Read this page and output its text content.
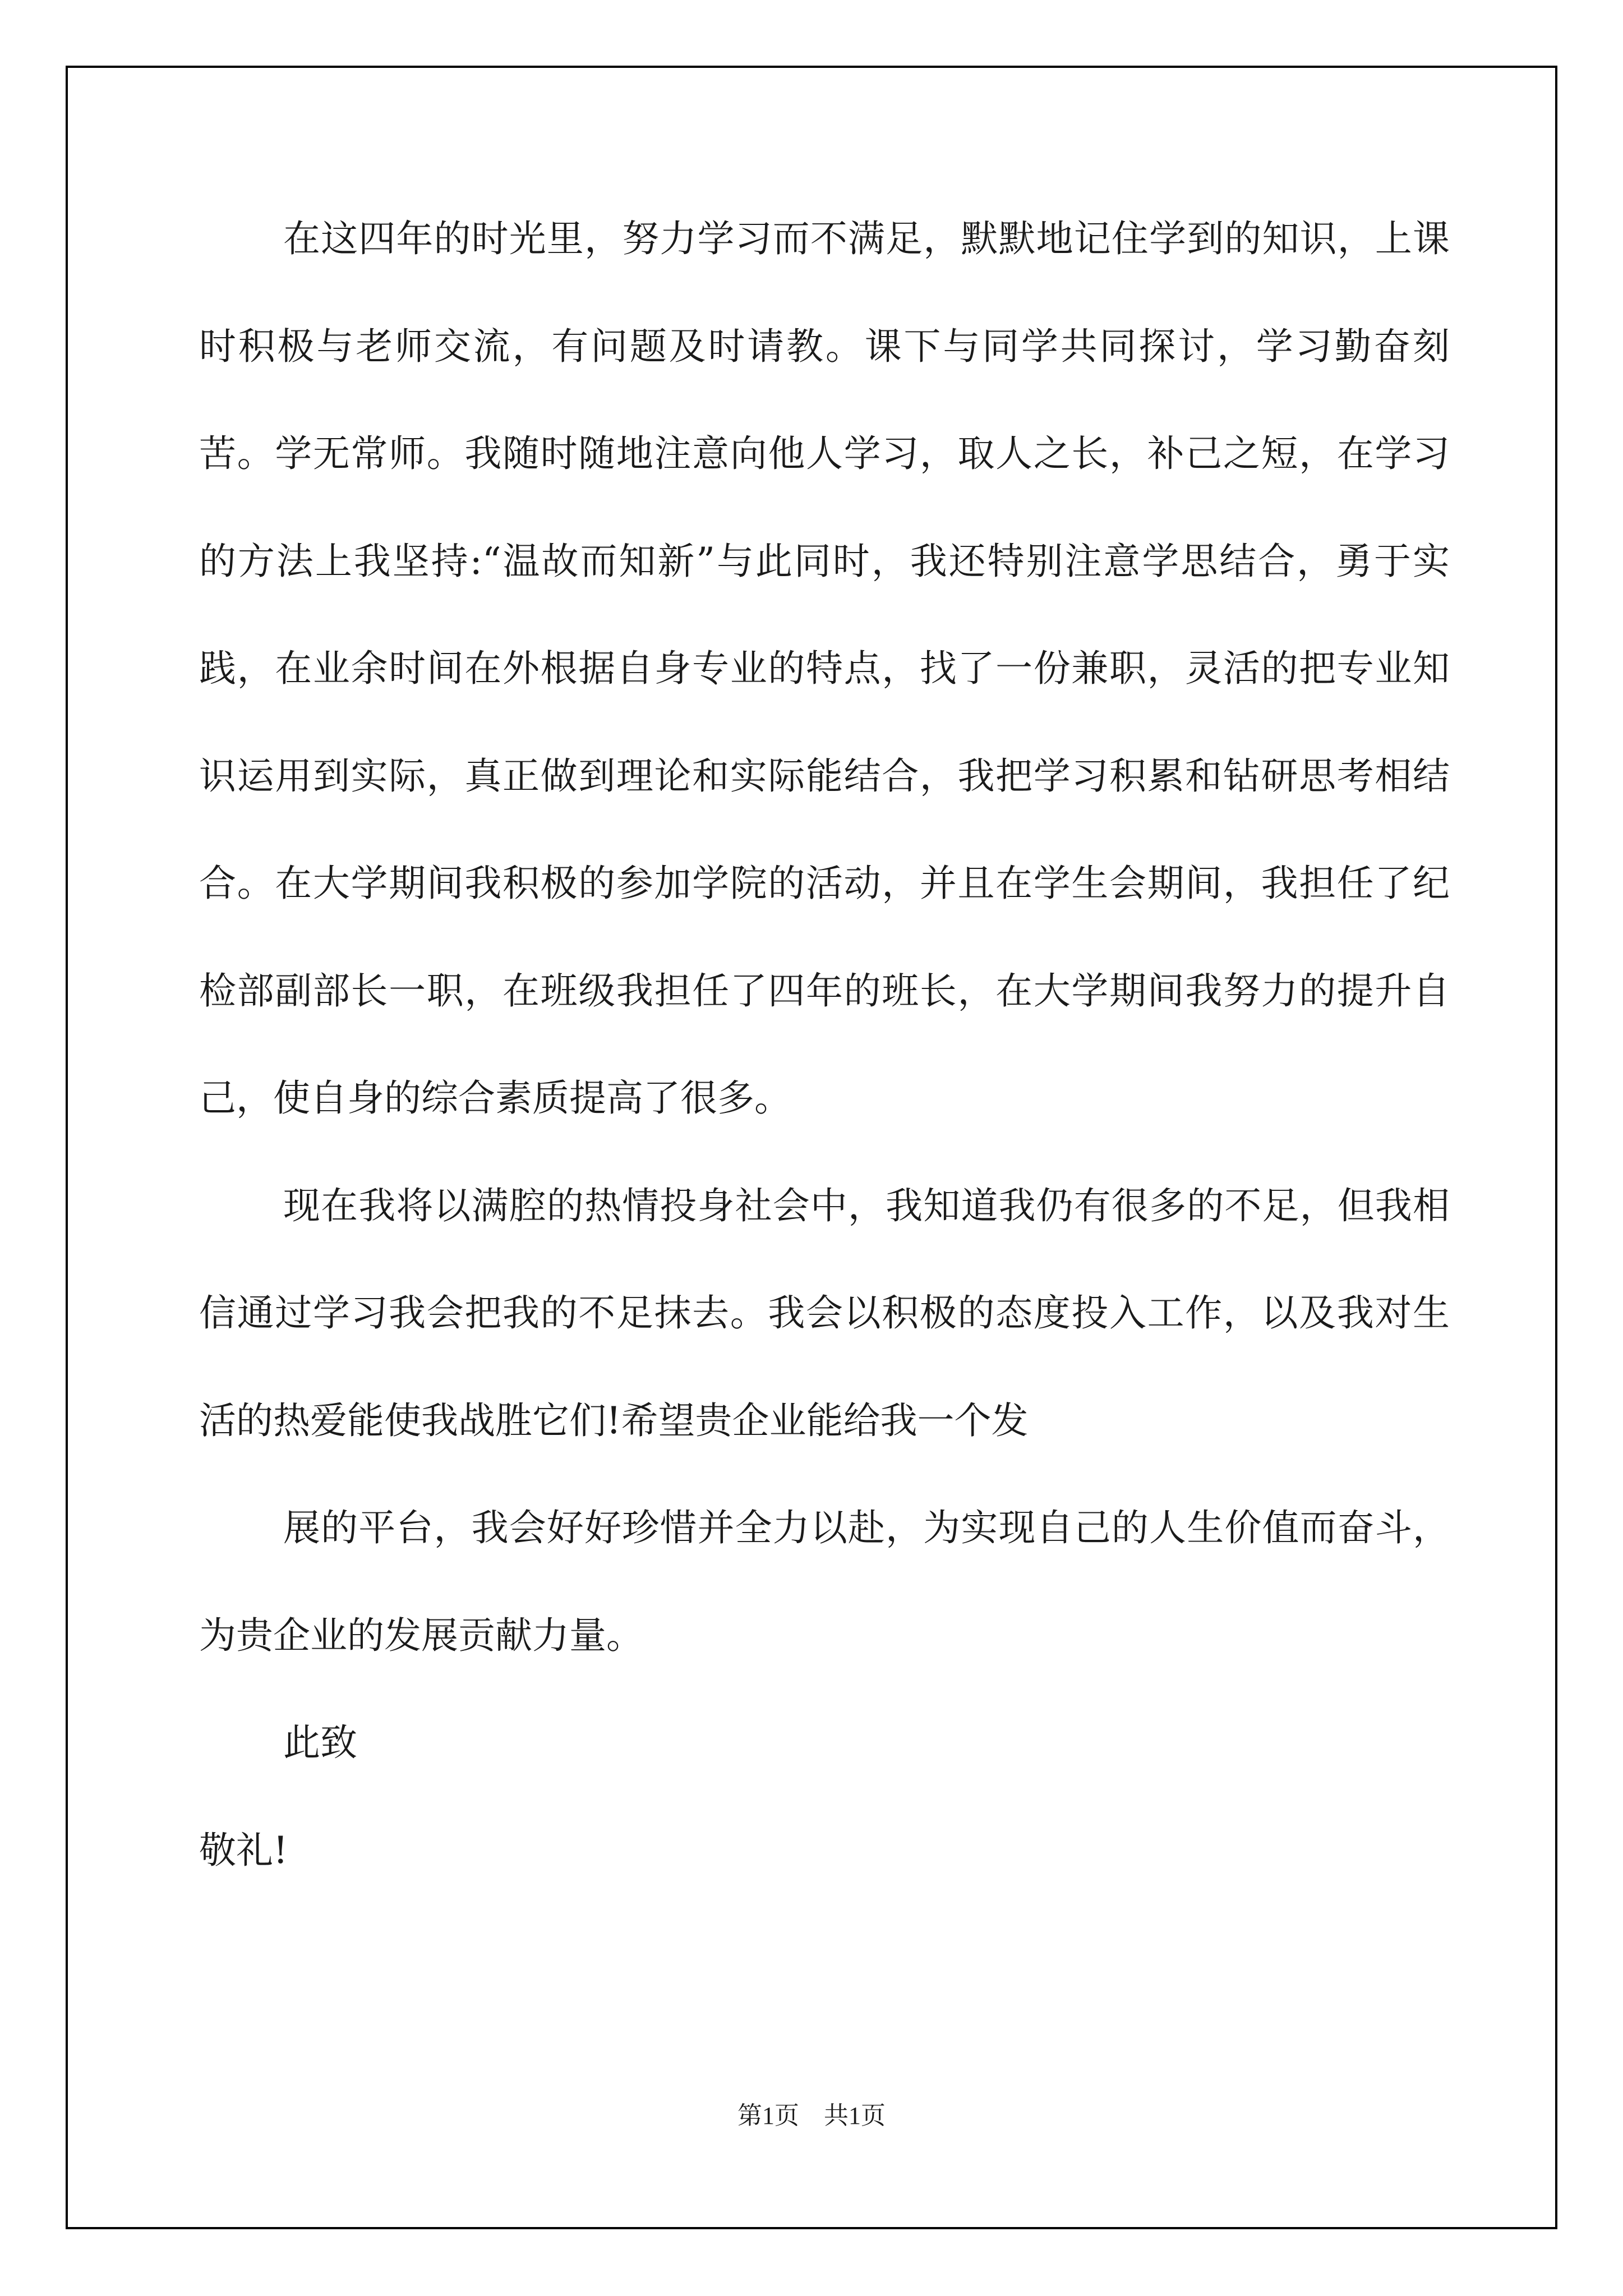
在这四年的时光里，努力学习而不满足，默默地记住学到的知识，上课时积极与老师交流，有问题及时请教。课下与同学共同探讨，学习勤奋刻苦。学无常师。我随时随地注意向他人学习，取人之长，补己之短，在学习的方法上我坚持:“温故而知新”与此同时，我还特别注意学思结合，勇于实践，在业余时间在外根据自身专业的特点，找了一份兼职，灵活的把专业知识运用到实际，真正做到理论和实际能结合，我把学习积累和钻研思考相结合。在大学期间我积极的参加学院的活动，并且在学生会期间，我担任了纪检部副部长一职，在班级我担任了四年的班长，在大学期间我努力的提升自己，使自身的综合素质提高了很多。

现在我将以满腔的热情投身社会中，我知道我仍有很多的不足，但我相信通过学习我会把我的不足抹去。我会以积极的态度投入工作，以及我对生活的热爱能使我战胜它们!希望贵企业能给我一个发

展的平台，我会好好珍惜并全力以赴，为实现自己的人生价值而奋斗，为贵企业的发展贡献力量。

此致

敬礼!

第1页　共1页
